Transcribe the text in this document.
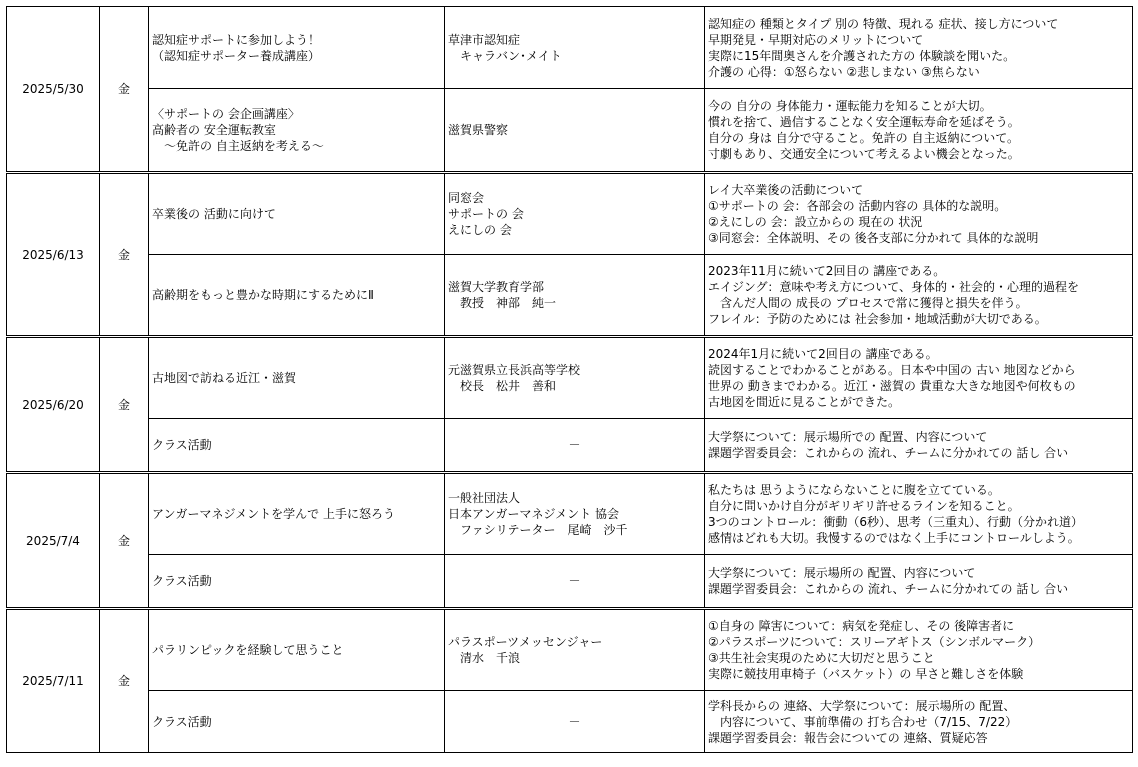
2025/5/30	金	認知症サポートに参加しよう！
（認知症サポーター養成講座）	草津市認知症
　キャラバン･メイト	認知症の 種類とタイプ 別の 特徴、現れる 症状、接し方について
早期発見・早期対応のメリットについて
実際に15年間奥さんを介護された方の 体験談を聞いた。
介護の 心得：①怒らない ②悲しまない ③焦らない
		〈サポートの 会企画講座〉
高齢者の 安全運転教室
　～免許の 自主返納を考える～	滋賀県警察	今の 自分の 身体能力・運転能力を知ることが大切。
慣れを捨て、過信することなく安全運転寿命を延ばそう。
自分の 身は 自分で守ること。免許の 自主返納について。
寸劇もあり、交通安全について考えるよい機会となった。
2025/6/13	金	卒業後の 活動に向けて	同窓会
サポートの 会
えにしの 会	レイ大卒業後の活動について
①サポートの 会：各部会の 活動内容の 具体的な説明。
②えにしの 会：設立からの 現在の 状況
③同窓会：全体説明、その 後各支部に分かれて 具体的な説明
		高齢期をもっと豊かな時期にするためにⅡ	滋賀大学教育学部
　教授　神部　純一	2023年11月に続いて2回目の 講座である。
エイジング：意味や考え方について、身体的・社会的・心理的過程を
　含んだ人間の 成長の プロセスで常に獲得と損失を伴う。
フレイル：予防のためには 社会参加・地域活動が大切である。
2025/6/20	金	古地図で訪ねる近江・滋賀	元滋賀県立長浜高等学校
　校長　松井　善和	2024年1月に続いて2回目の 講座である。
読図することでわかることがある。日本や中国の 古い 地図などから
世界の 動きまでわかる。近江・滋賀の 貴重な大きな地図や何枚もの
古地図を間近に見ることができた。
		クラス活動	－	大学祭について：展示場所での 配置、内容について
課題学習委員会：これからの 流れ、チームに分かれての 話し 合い
2025/7/4	金	アンガーマネジメントを学んで 上手に怒ろう	一般社団法人
日本アンガーマネジメント 協会
　ファシリテーター　尾崎　沙千	私たちは 思うようにならないことに腹を立てている。
自分に問いかけ自分がギリギリ許せるラインを知ること。
3つのコントロール：衝動（6秒）、思考（三重丸）、行動（分かれ道）
感情はどれも大切。我慢するのではなく上手にコントロールしよう。
		クラス活動	－	大学祭について：展示場所の 配置、内容について
課題学習委員会：これからの 流れ、チームに分かれての 話し 合い
2025/7/11	金	パラリンピックを経験して思うこと	パラスポーツメッセンジャー
　清水　千浪	①自身の 障害について：病気を発症し、その 後障害者に
②パラスポーツについて：スリーアギトス（シンボルマーク）
③共生社会実現のために大切だと思うこと
実際に競技用車椅子（バスケット）の 早さと難しさを体験
		クラス活動	－	学科長からの 連絡、大学祭について：展示場所の 配置、
　内容について、事前準備の 打ち合わせ（7/15、7/22）
課題学習委員会：報告会についての 連絡、質疑応答
